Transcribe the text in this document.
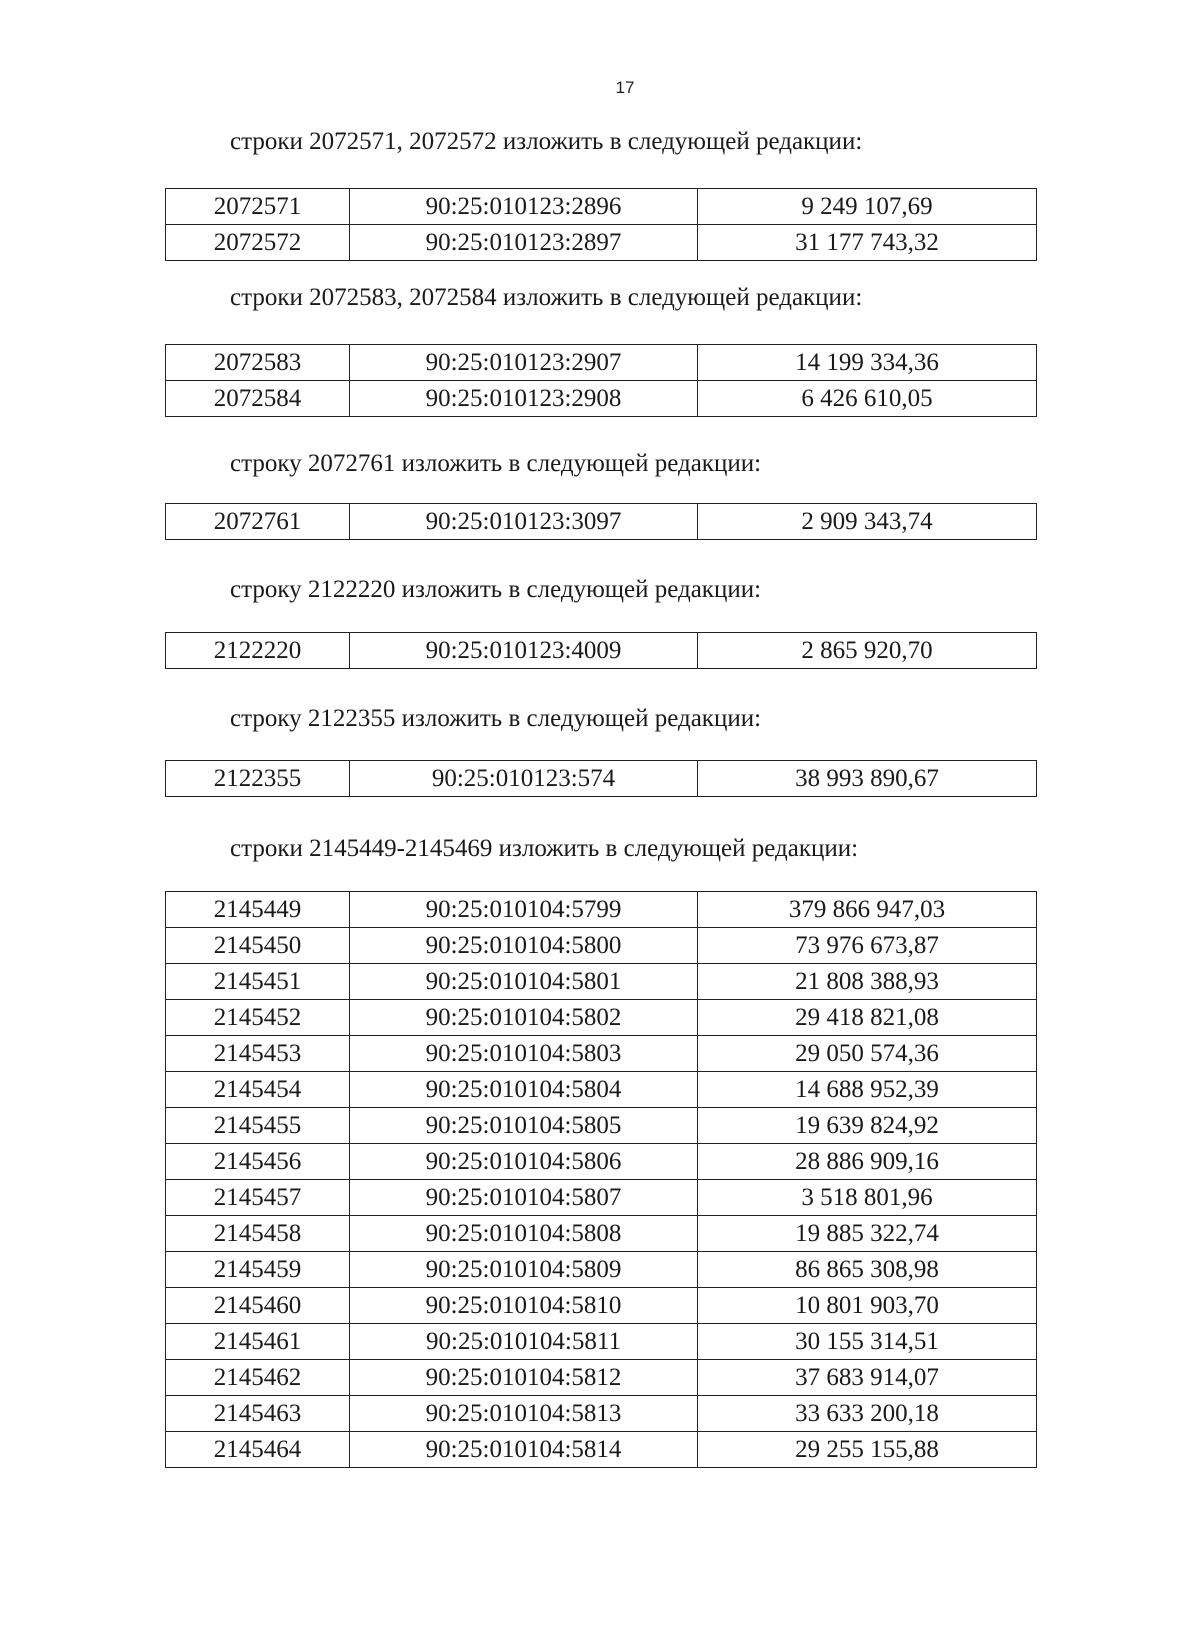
17
строки 2072571, 2072572 изложить в следующей редакции:
2072571	90:25:010123:2896	9 249 107,69
2072572	90:25:010123:2897	31 177 743,32
строки 2072583, 2072584 изложить в следующей редакции:
2072583	90:25:010123:2907	14 199 334,36
2072584	90:25:010123:2908	6 426 610,05
строку 2072761 изложить в следующей редакции:
2072761	90:25:010123:3097	2 909 343,74
строку 2122220 изложить в следующей редакции:
2122220	90:25:010123:4009	2 865 920,70
строку 2122355 изложить в следующей редакции:
2122355	90:25:010123:574	38 993 890,67
строки 2145449-2145469 изложить в следующей редакции:
2145449	90:25:010104:5799	379 866 947,03
2145450	90:25:010104:5800	73 976 673,87
2145451	90:25:010104:5801	21 808 388,93
2145452	90:25:010104:5802	29 418 821,08
2145453	90:25:010104:5803	29 050 574,36
2145454	90:25:010104:5804	14 688 952,39
2145455	90:25:010104:5805	19 639 824,92
2145456	90:25:010104:5806	28 886 909,16
2145457	90:25:010104:5807	3 518 801,96
2145458	90:25:010104:5808	19 885 322,74
2145459	90:25:010104:5809	86 865 308,98
2145460	90:25:010104:5810	10 801 903,70
2145461	90:25:010104:5811	30 155 314,51
2145462	90:25:010104:5812	37 683 914,07
2145463	90:25:010104:5813	33 633 200,18
2145464	90:25:010104:5814	29 255 155,88
